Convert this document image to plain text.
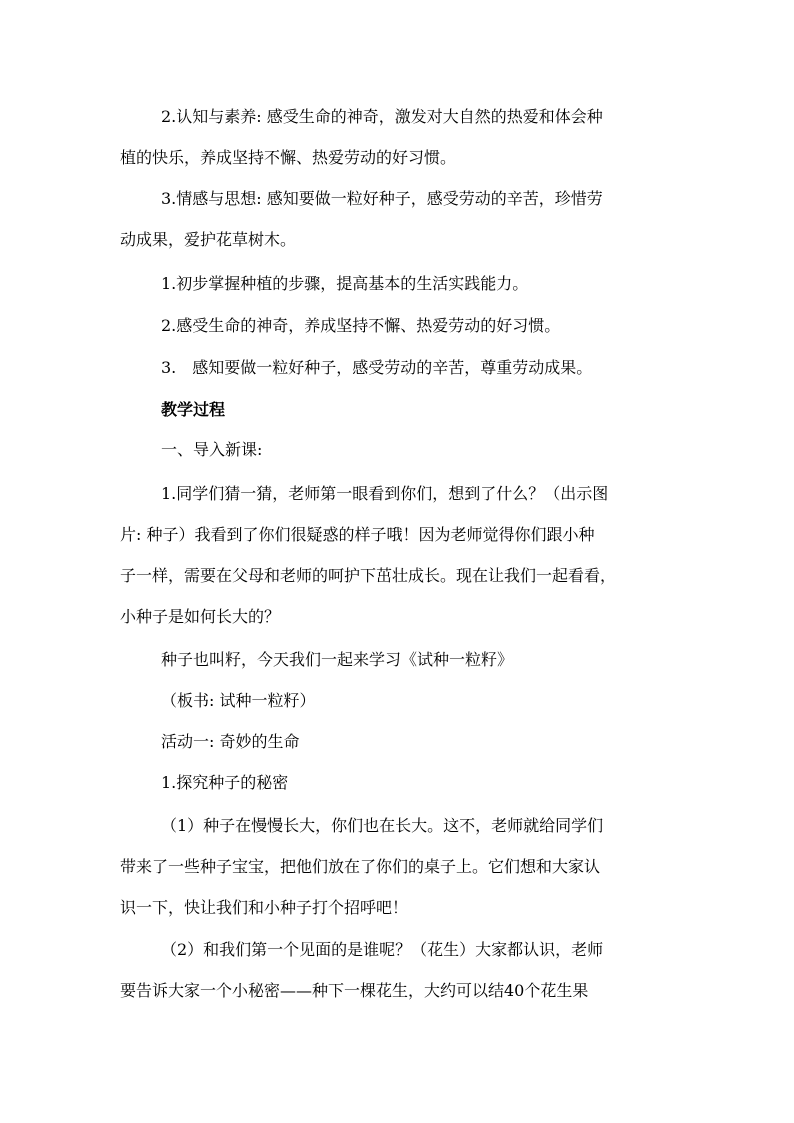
2.认知与素养: 感受生命的神奇，激发对大自然的热爱和体会种
植的快乐，养成坚持不懈、热爱劳动的好习惯。
3.情感与思想: 感知要做一粒好种子，感受劳动的辛苦，珍惜劳
动成果，爱护花草树木。
1.初步掌握种植的步骤，提高基本的生活实践能力。
2.感受生命的神奇，养成坚持不懈、热爱劳动的好习惯。
3.　感知要做一粒好种子，感受劳动的辛苦，尊重劳动成果。
教学过程
一、导入新课:
1.同学们猜一猜，老师第一眼看到你们，想到了什么？（出示图
片: 种子）我看到了你们很疑惑的样子哦！因为老师觉得你们跟小种
子一样，需要在父母和老师的呵护下茁壮成长。现在让我们一起看看，
小种子是如何长大的？
种子也叫籽，今天我们一起来学习《试种一粒籽》
（板书: 试种一粒籽）
活动一: 奇妙的生命
1.探究种子的秘密
（1）种子在慢慢长大，你们也在长大。这不，老师就给同学们
带来了一些种子宝宝，把他们放在了你们的桌子上。它们想和大家认
识一下，快让我们和小种子打个招呼吧！
（2）和我们第一个见面的是谁呢？（花生）大家都认识，老师
要告诉大家一个小秘密——种下一棵花生，大约可以结40个花生果
